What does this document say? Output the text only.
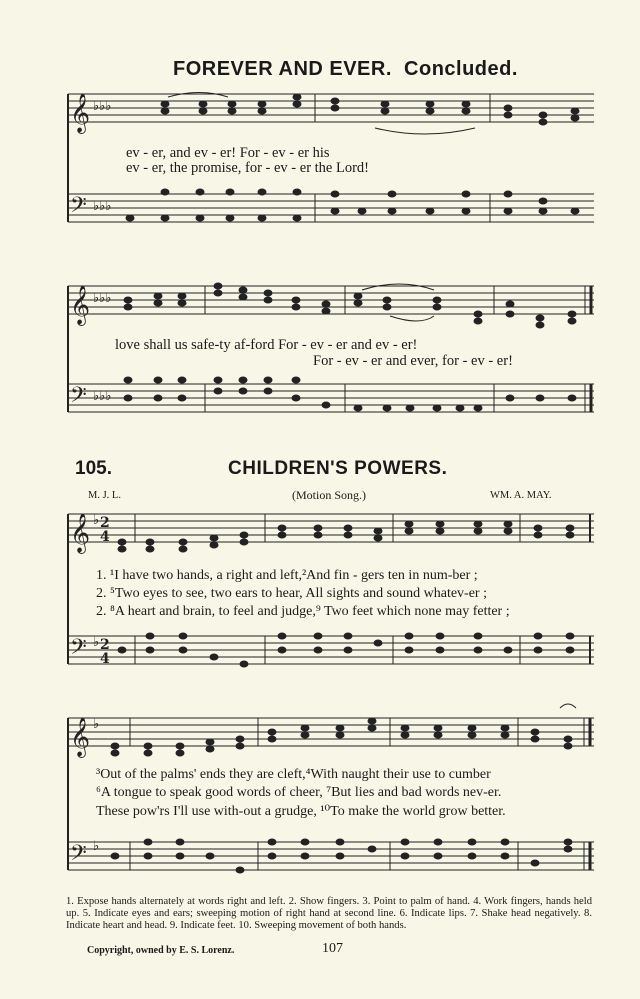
FOREVER AND EVER. Concluded.
𝄞
𝄢
𝄞
𝄢
𝄞
𝄢
𝄞
𝄢
♭♭♭
♭♭♭
♭♭♭
♭♭♭
♭
♭
♭
♭
2
4
2
4
ev - er, and ev - er! For - ev - er his
ev - er, the promise, for - ev - er the Lord!
love shall us safe-ty af-ford For - ev - er and ev - er!
For - ev - er and ever, for - ev - er!
105.	CHILDREN'S POWERS.
M. J. L.	(Motion Song.)	WM. A. MAY.
1. ¹I have two hands, a right and left,²And fin - gers ten in num-ber ;
2. ⁵Two eyes to see, two ears to hear, All sights and sound whatev-er ;
2. ⁸A heart and brain, to feel and judge,⁹ Two feet which none may fetter ;
³Out of the palms' ends they are cleft,⁴With naught their use to cumber
⁶A tongue to speak good words of cheer, ⁷But lies and bad words nev-er.
These pow'rs I'll use with-out a grudge, ¹⁰To make the world grow better.
1. Expose hands alternately at words right and left. 2. Show fingers. 3. Point to palm of hand. 4. Work fingers, hands held up. 5. Indicate eyes and ears; sweeping motion of right hand at second line. 6. Indicate lips. 7. Shake head negatively. 8. Indicate heart and head. 9. Indicate feet. 10. Sweeping movement of both hands.
Copyright, owned by E. S. Lorenz.	107
